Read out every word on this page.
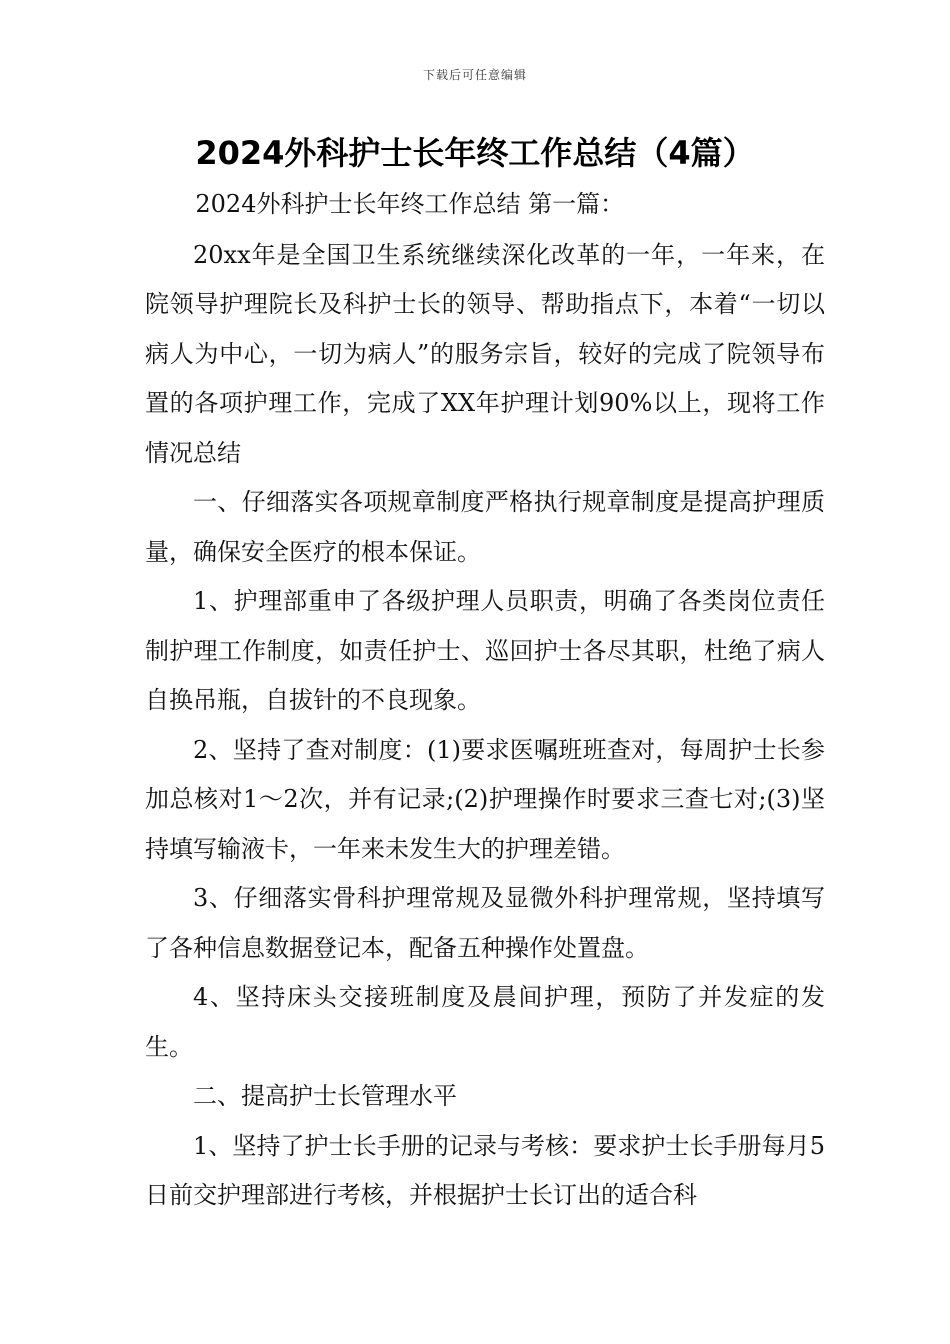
下载后可任意编辑
2024外科护士长年终工作总结（4篇）

2024外科护士长年终工作总结 第一篇：

20xx年是全国卫生系统继续深化改革的一年，一年来，在院领导护理院长及科护士长的领导、帮助指点下，本着“一切以病人为中心，一切为病人”的服务宗旨，较好的完成了院领导布置的各项护理工作，完成了XX年护理计划90%以上，现将工作情况总结

一、仔细落实各项规章制度严格执行规章制度是提高护理质量，确保安全医疗的根本保证。

1、护理部重申了各级护理人员职责，明确了各类岗位责任制护理工作制度，如责任护士、巡回护士各尽其职，杜绝了病人自换吊瓶，自拔针的不良现象。

2、坚持了查对制度：(1)要求医嘱班班查对，每周护士长参加总核对1～2次，并有记录;(2)护理操作时要求三查七对;(3)坚持填写输液卡，一年来未发生大的护理差错。

3、仔细落实骨科护理常规及显微外科护理常规，坚持填写了各种信息数据登记本，配备五种操作处置盘。

4、坚持床头交接班制度及晨间护理，预防了并发症的发生。

二、提高护士长管理水平

1、坚持了护士长手册的记录与考核：要求护士长手册每月5日前交护理部进行考核，并根据护士长订出的适合科
